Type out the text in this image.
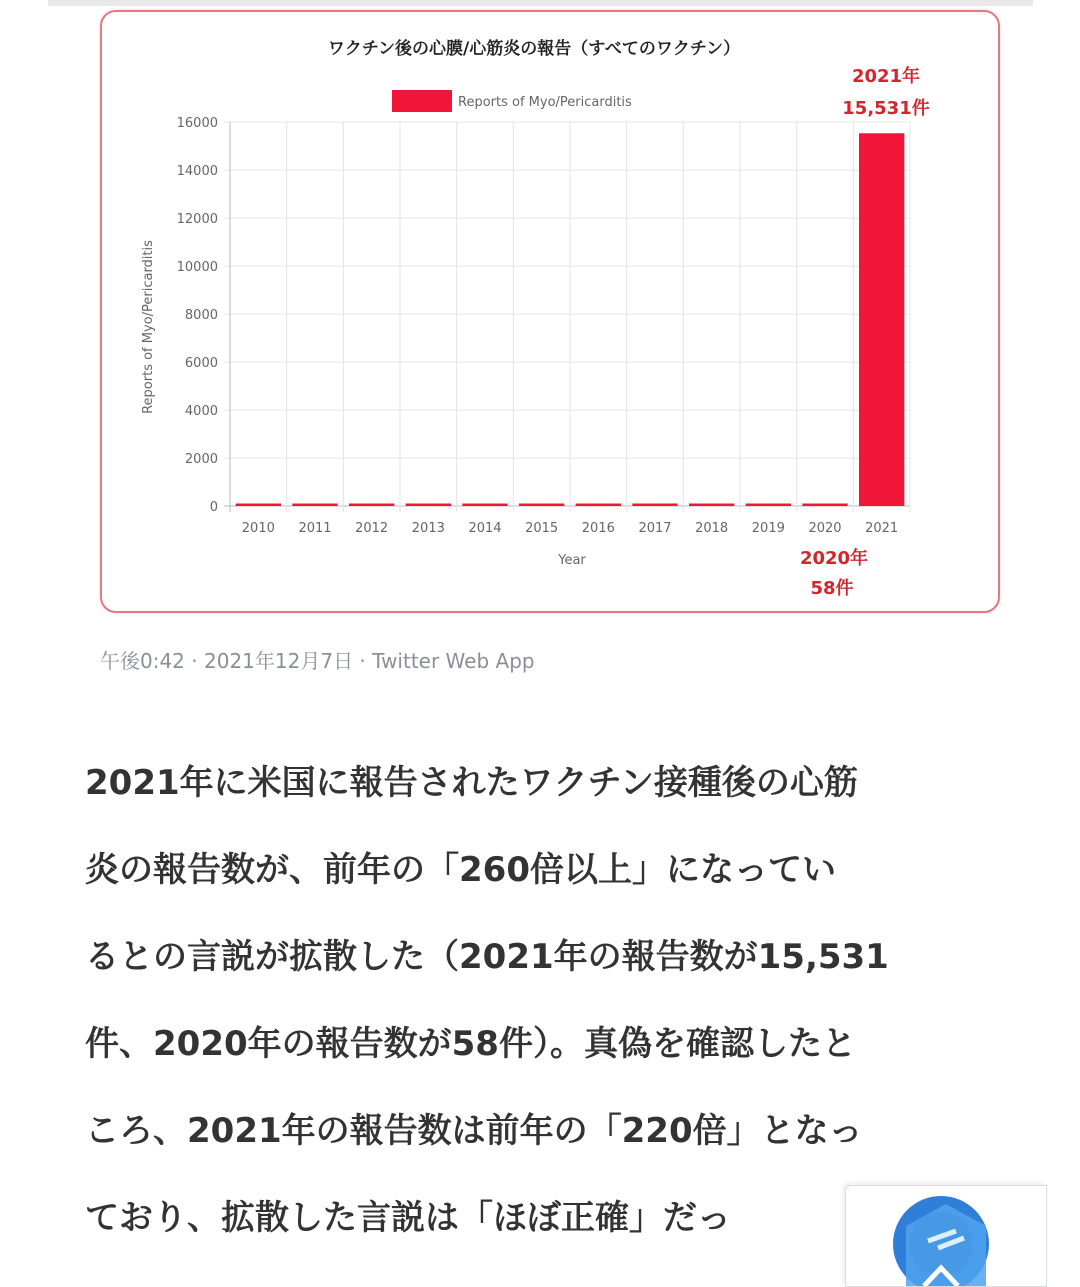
ワクチン後の心膜/心筋炎の報告（すべてのワクチン）
Reports of Myo/Pericarditis
0
2000
4000
6000
8000
10000
12000
14000
16000
2010 2011 2012 2013 2014 2015 2016 2017 2018 2019 2020 2021
Year
Reports of Myo/Pericarditis
2021年
15,531件
2020年
58件
午後0:42 · 2021年12月7日 · Twitter Web App

2021年に米国に報告されたワクチン接種後の心筋

炎の報告数が、前年の「260倍以上」になってい

るとの言説が拡散した（2021年の報告数が15,531

件、2020年の報告数が58件）。真偽を確認したと

ころ、2021年の報告数は前年の「220倍」となっ

ており、拡散した言説は「ほぼ正確」だっ
